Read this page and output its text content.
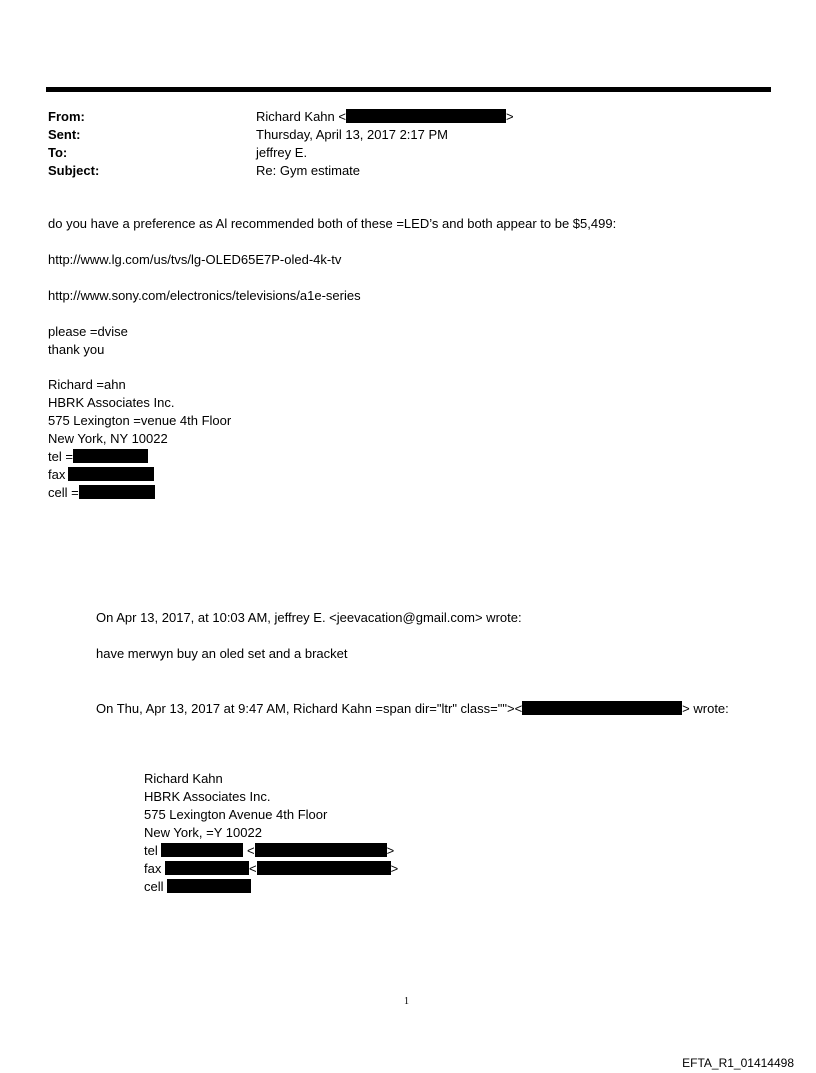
From:	Richard Kahn <	>
Sent:	Thursday, April 13, 2017 2:17 PM
To:	jeffrey E.
Subject:	Re: Gym estimate
do you have a preference as Al recommended both of these =LED’s and both appear to be $5,499:
http://www.lg.com/us/tvs/lg-OLED65E7P-oled-4k-tv
http://www.sony.com/electronics/televisions/a1e-series
please =dvise
thank you
Richard =ahn
HBRK Associates Inc.
575 Lexington =venue 4th Floor
New York, NY 10022
tel =
fax
cell =
On Apr 13, 2017, at 10:03 AM, jeffrey E. <jeevacation@gmail.com> wrote:
have merwyn buy an oled set and a bracket
On Thu, Apr 13, 2017 at 9:47 AM, Richard Kahn =span dir="ltr" class=""><	> wrote:
Richard Kahn
HBRK Associates Inc.
575 Lexington Avenue 4th Floor
New York, =Y 10022
tel	<	>
fax	<	>
cell
1
EFTA_R1_01414498
